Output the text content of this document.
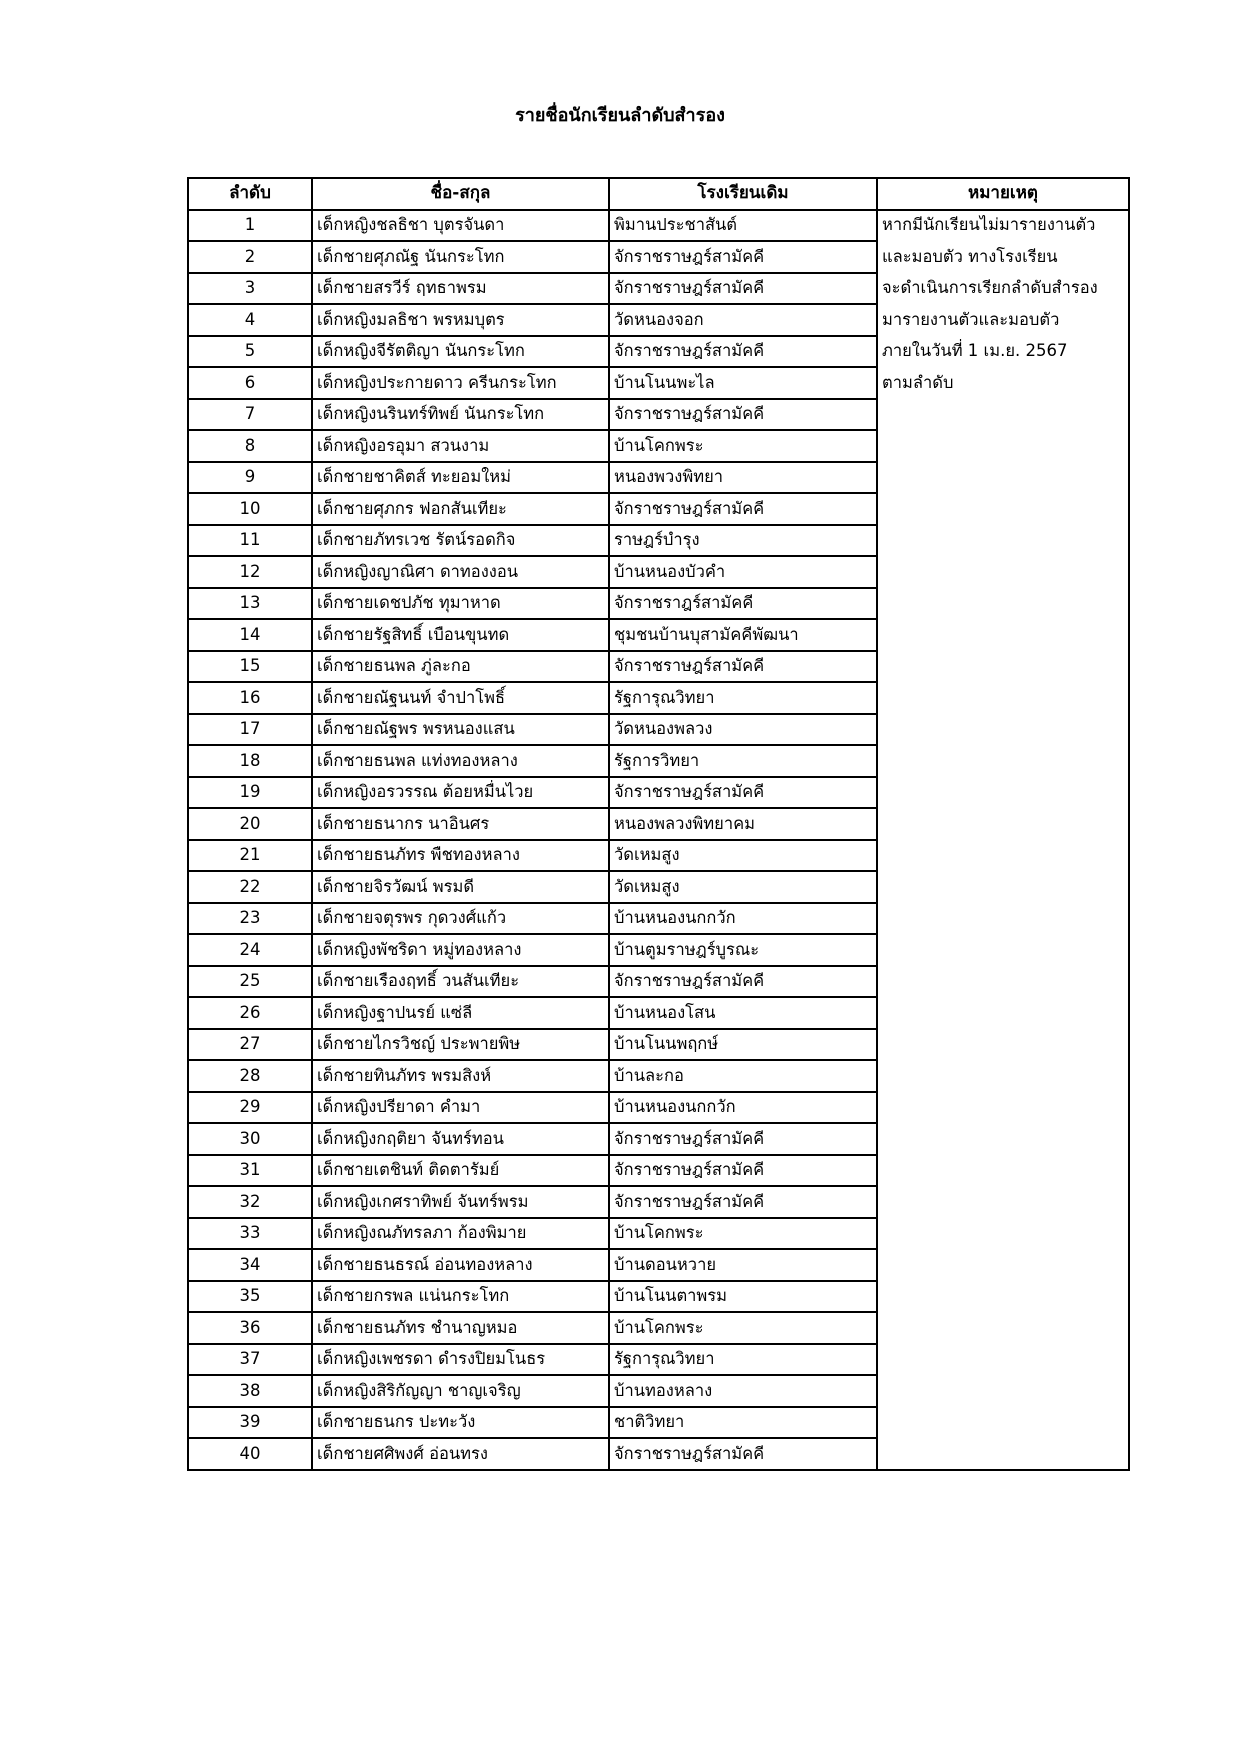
รายชื่อนักเรียนลำดับสำรอง
ลำดับ	ชื่อ-สกุล	โรงเรียนเดิม	หมายเหตุ
1	เด็กหญิงชลธิชา บุตรจันดา	พิมานประชาสันต์	หากมีนักเรียนไม่มารายงานตัว
2	เด็กชายศุภณัฐ นันกระโทก	จักราชราษฎร์สามัคคี	และมอบตัว ทางโรงเรียน
3	เด็กชายสรวีร์ ฤทธาพรม	จักราชราษฎร์สามัคคี	จะดำเนินการเรียกลำดับสำรอง
4	เด็กหญิงมลธิชา พรหมบุตร	วัดหนองจอก	มารายงานตัวและมอบตัว
5	เด็กหญิงจีรัตติญา นันกระโทก	จักราชราษฎร์สามัคคี	ภายในวันที่ 1 เม.ย. 2567
6	เด็กหญิงประกายดาว ครีนกระโทก	บ้านโนนพะไล	ตามลำดับ
7	เด็กหญิงนรินทร์ทิพย์ นันกระโทก	จักราชราษฎร์สามัคคี	
8	เด็กหญิงอรอุมา สวนงาม	บ้านโคกพระ	
9	เด็กชายชาคิตส์ ทะยอมใหม่	หนองพวงพิทยา	
10	เด็กชายศุภกร ฟอกสันเทียะ	จักราชราษฎร์สามัคคี	
11	เด็กชายภัทรเวช รัตน์รอดกิจ	ราษฎร์บำรุง	
12	เด็กหญิงญาณิศา ดาทองงอน	บ้านหนองบัวคำ	
13	เด็กชายเดชปภัช ทุมาหาด	จักราชราฎร์สามัคคี	
14	เด็กชายรัฐสิทธิ์ เบือนขุนทด	ชุมชนบ้านบุสามัคคีพัฒนา	
15	เด็กชายธนพล ภู่ละกอ	จักราชราษฎร์สามัคคี	
16	เด็กชายณัฐนนท์ จำปาโพธิ์	รัฐการุณวิทยา	
17	เด็กชายณัฐพร พรหนองแสน	วัดหนองพลวง	
18	เด็กชายธนพล แท่งทองหลาง	รัฐการวิทยา	
19	เด็กหญิงอรวรรณ ต้อยหมื่นไวย	จักราชราษฎร์สามัคคี	
20	เด็กชายธนากร นาอินศร	หนองพลวงพิทยาคม	
21	เด็กชายธนภัทร พืชทองหลาง	วัดเหมสูง	
22	เด็กชายจิรวัฒน์ พรมดี	วัดเหมสูง	
23	เด็กชายจตุรพร กุดวงศ์แก้ว	บ้านหนองนกกวัก	
24	เด็กหญิงพัชริดา หมู่ทองหลาง	บ้านตูมราษฎร์บูรณะ	
25	เด็กชายเรืองฤทธิ์ วนสันเทียะ	จักราชราษฎร์สามัคคี	
26	เด็กหญิงฐาปนรย์ แซ่ลี	บ้านหนองโสน	
27	เด็กชายไกรวิชญ์ ประพายพิษ	บ้านโนนพฤกษ์	
28	เด็กชายทินภัทร พรมสิงห์	บ้านละกอ	
29	เด็กหญิงปรียาดา คำมา	บ้านหนองนกกวัก	
30	เด็กหญิงกฤติยา จันทร์ทอน	จักราชราษฎร์สามัคคี	
31	เด็กชายเตชินท์ ติดตารัมย์	จักราชราษฎร์สามัคคี	
32	เด็กหญิงเกศราทิพย์ จันทร์พรม	จักราชราษฎร์สามัคคี	
33	เด็กหญิงณภัทรลภา ก้องพิมาย	บ้านโคกพระ	
34	เด็กชายธนธรณ์ อ่อนทองหลาง	บ้านดอนหวาย	
35	เด็กชายกรพล แน่นกระโทก	บ้านโนนตาพรม	
36	เด็กชายธนภัทร ชำนาญหมอ	บ้านโคกพระ	
37	เด็กหญิงเพชรดา ดำรงปิยมโนธร	รัฐการุณวิทยา	
38	เด็กหญิงสิริกัญญา ชาญเจริญ	บ้านทองหลาง	
39	เด็กชายธนกร ปะทะวัง	ชาติวิทยา	
40	เด็กชายศศิพงศ์ อ่อนทรง	จักราชราษฎร์สามัคคี	
